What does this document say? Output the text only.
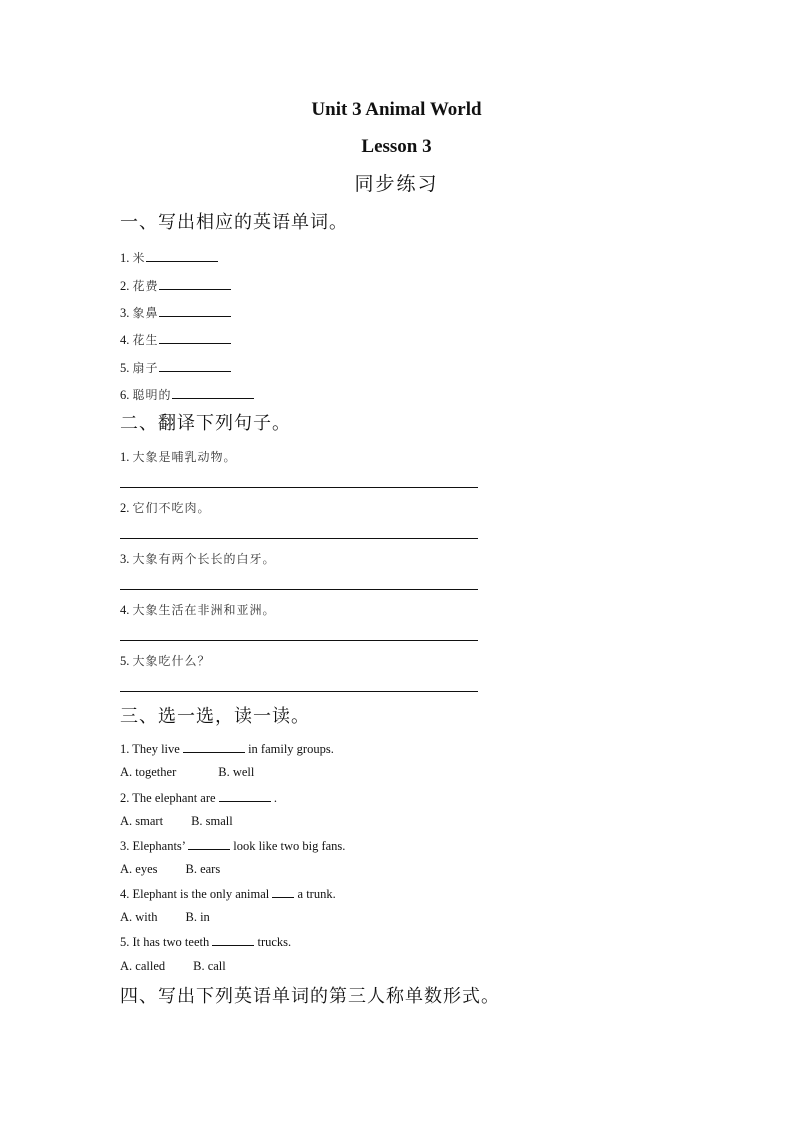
Unit 3 Animal World
Lesson 3
同步练习
一、写出相应的英语单词。
二、翻译下列句子。
三、选一选，读一读。
四、写出下列英语单词的第三人称单数形式。
1. 米
2. 花费
3. 象鼻
4. 花生
5. 扇子
6. 聪明的
1. 大象是哺乳动物。
2. 它们不吃肉。
3. 大象有两个长长的白牙。
4. 大象生活在非洲和亚洲。
5. 大象吃什么？
1. They live	in family groups.
A. together	B. well
2. The elephant are	.
A. smart B. small
3. Elephants’	look like two big fans.
A. eyes B. ears
4. Elephant is the only animal a trunk.
A. with B. in
5. It has two teeth	trucks.
A. called B. call
